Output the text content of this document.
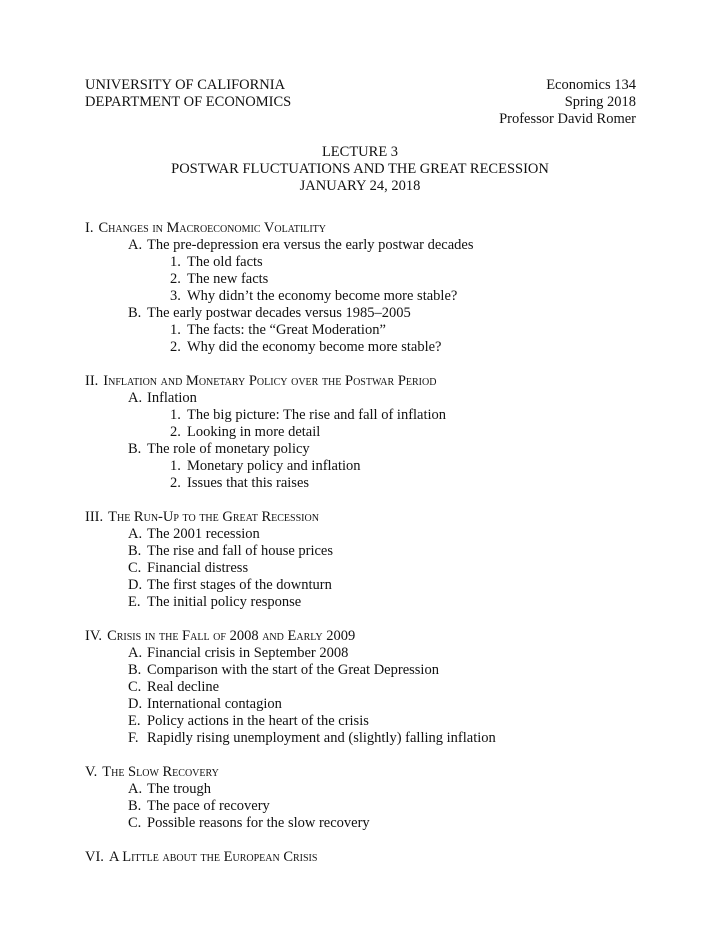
UNIVERSITY OF CALIFORNIA
DEPARTMENT OF ECONOMICS
Economics 134
Spring 2018
Professor David Romer
LECTURE 3
POSTWAR FLUCTUATIONS AND THE GREAT RECESSION
JANUARY 24, 2018
I. Changes in Macroeconomic Volatility
A. The pre-depression era versus the early postwar decades
1. The old facts
2. The new facts
3. Why didn’t the economy become more stable?
B. The early postwar decades versus 1985–2005
1. The facts: the “Great Moderation”
2. Why did the economy become more stable?
II. Inflation and Monetary Policy over the Postwar Period
A. Inflation
1. The big picture: The rise and fall of inflation
2. Looking in more detail
B. The role of monetary policy
1. Monetary policy and inflation
2. Issues that this raises
III. The Run-Up to the Great Recession
A. The 2001 recession
B. The rise and fall of house prices
C. Financial distress
D. The first stages of the downturn
E. The initial policy response
IV. Crisis in the Fall of 2008 and Early 2009
A. Financial crisis in September 2008
B. Comparison with the start of the Great Depression
C. Real decline
D. International contagion
E. Policy actions in the heart of the crisis
F. Rapidly rising unemployment and (slightly) falling inflation
V. The Slow Recovery
A. The trough
B. The pace of recovery
C. Possible reasons for the slow recovery
VI. A Little about the European Crisis
